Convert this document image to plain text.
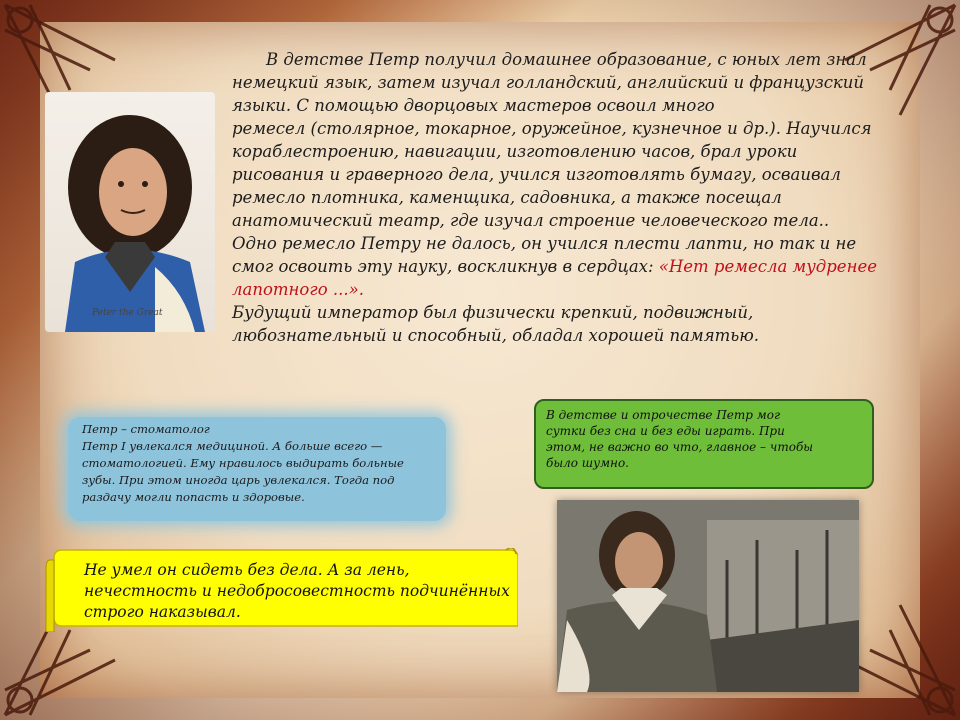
Peter the Great

В детстве Петр получил домашнее образование, с юных лет знал

немецкий язык, затем изучал голландский, английский и французский

языки. С помощью дворцовых мастеров освоил много

ремесел (столярное, токарное, оружейное, кузнечное и др.). Научился

кораблестроению, навигации, изготовлению часов, брал уроки

рисования и граверного дела, учился изготовлять бумагу, осваивал

ремесло плотника, каменщика, садовника, а также посещал

анатомический театр, где изучал строение человеческого тела..

Одно ремесло Петру не далось, он учился плести лапти, но так и не

смог освоить эту науку, воскликнув в сердцах: «Нет ремесла мудренее

лапотного ...».

Будущий император был физически крепкий, подвижный,

любознательный и способный, обладал хорошей памятью.

Петр – стоматолог
Петр I увлекался медициной. А больше всего —
стоматологией. Ему нравилось выдирать больные
зубы. При этом иногда царь увлекался. Тогда под
раздачу могли попасть и здоровые.
В детстве и отрочестве Петр мог
сутки без сна и без еды играть. При
этом, не важно во что, главное – чтобы
было шумно.
Не умел он сидеть без дела. А за лень,
нечестность и недобросовестность подчинённых
строго наказывал.
